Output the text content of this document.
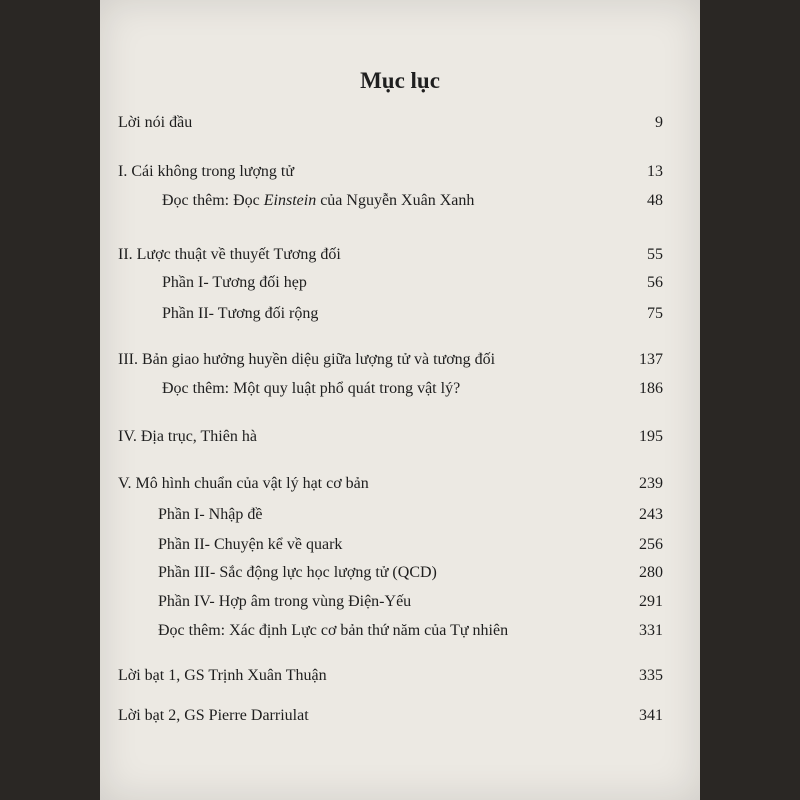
Mục lục
Lời nói đầu	9
I. Cái không trong lượng tử	13
Đọc thêm: Đọc Einstein của Nguyễn Xuân Xanh	48
II. Lược thuật về thuyết Tương đối	55
Phần I- Tương đối hẹp	56
Phần II- Tương đối rộng	75
III. Bản giao hưởng huyền diệu giữa lượng tử và tương đối	137
Đọc thêm: Một quy luật phổ quát trong vật lý?	186
IV. Địa trục, Thiên hà	195
V. Mô hình chuẩn của vật lý hạt cơ bản	239
Phần I- Nhập đề	243
Phần II- Chuyện kể về quark	256
Phần III- Sắc động lực học lượng tử (QCD)	280
Phần IV- Hợp âm trong vùng Điện-Yếu	291
Đọc thêm: Xác định Lực cơ bản thứ năm của Tự nhiên	331
Lời bạt 1, GS Trịnh Xuân Thuận	335
Lời bạt 2, GS Pierre Darriulat	341
